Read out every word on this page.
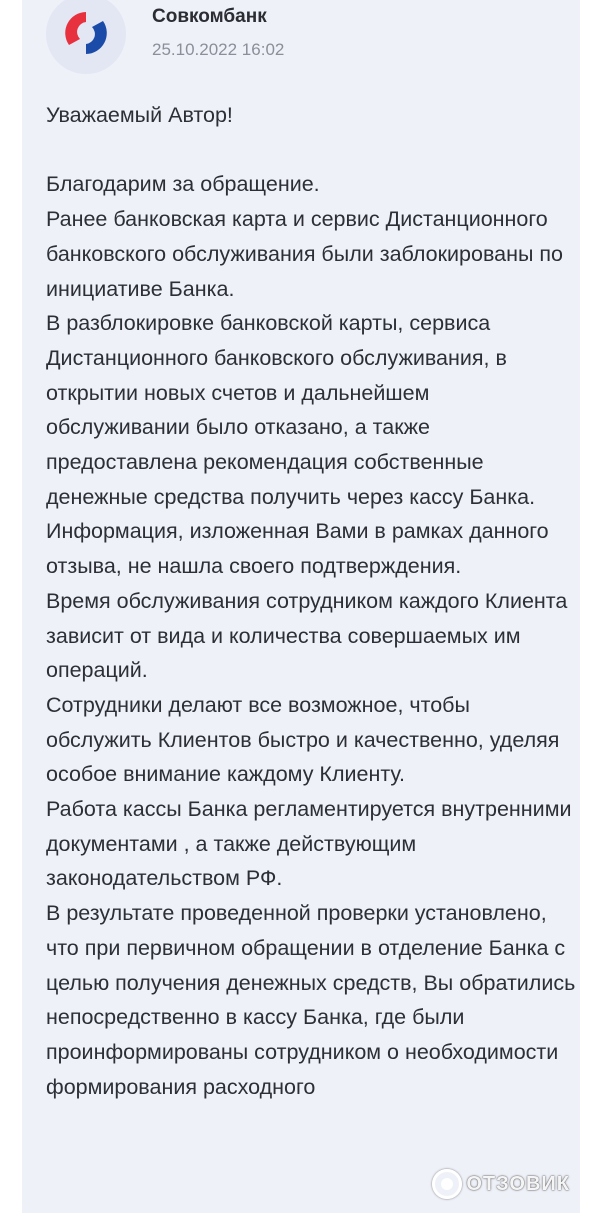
Совкомбанк
25.10.2022 16:02

Уважаемый Автор!

Благодарим за обращение.

Ранее банковская карта и сервис Дистанционного банковского обслуживания были заблокированы по инициативе Банка.

В разблокировке банковской карты, сервиса Дистанционного банковского обслуживания, в открытии новых счетов и дальнейшем обслуживании было отказано, а также предоставлена рекомендация собственные денежные средства получить через кассу Банка.

Информация, изложенная Вами в рамках данного отзыва, не нашла своего подтверждения.

Время обслуживания сотрудником каждого Клиента зависит от вида и количества совершаемых им операций.

Сотрудники делают все возможное, чтобы обслужить Клиентов быстро и качественно, уделяя особое внимание каждому Клиенту.

Работа кассы Банка регламентируется внутренними документами , а также действующим законодательством РФ.

В результате проведенной проверки установлено, что при первичном обращении в отделение Банка с целью получения денежных средств, Вы обратились непосредственно в кассу Банка, где были проинформированы сотрудником о необходимости формирования расходного

ОТЗОВИК
